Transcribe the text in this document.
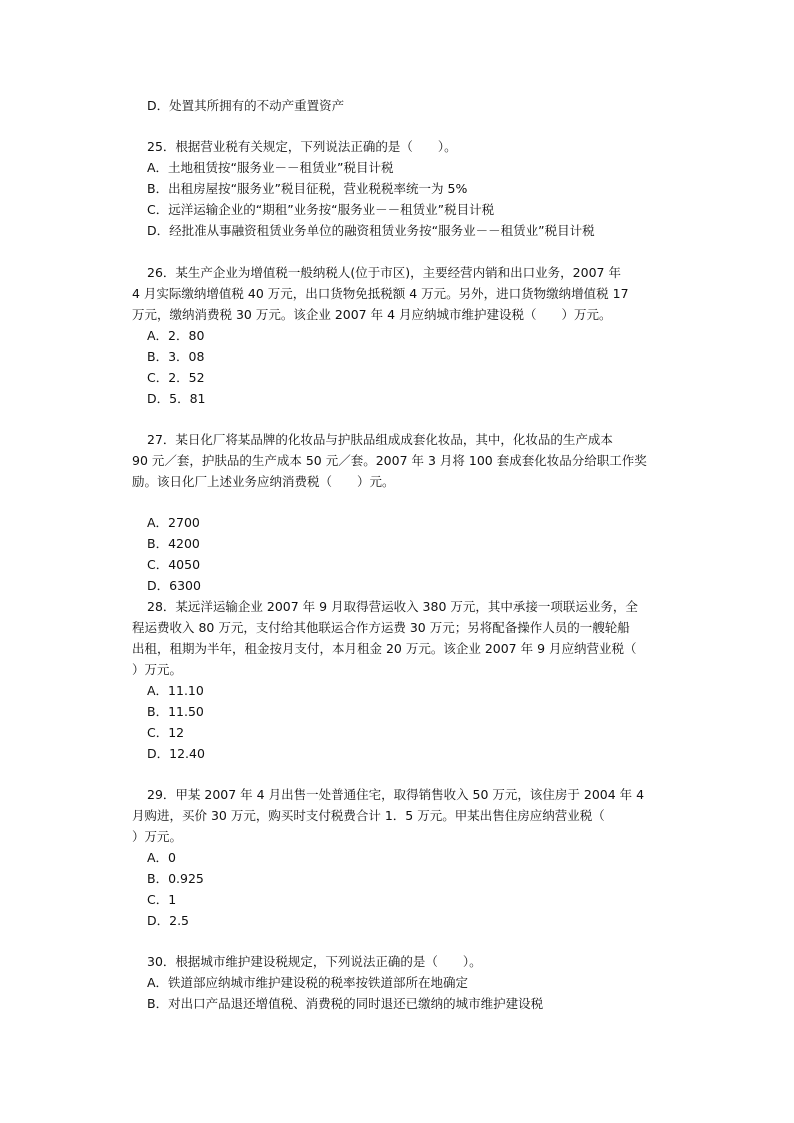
D．处置其所拥有的不动产重置资产
25．根据营业税有关规定，下列说法正确的是（　　）。
A．土地租赁按“服务业－－租赁业”税目计税
B．出租房屋按“服务业”税目征税，营业税税率统一为 5%
C．远洋运输企业的“期租”业务按“服务业－－租赁业”税目计税
D．经批准从事融资租赁业务单位的融资租赁业务按“服务业－－租赁业”税目计税
26．某生产企业为增值税一般纳税人(位于市区)，主要经营内销和出口业务，2007 年
4 月实际缴纳增值税 40 万元，出口货物免抵税额 4 万元。另外，进口货物缴纳增值税 17
万元，缴纳消费税 30 万元。该企业 2007 年 4 月应纳城市维护建设税（　　）万元。
A．2．80
B．3．08
C．2．52
D．5．81
27．某日化厂将某品牌的化妆品与护肤品组成成套化妆品，其中，化妆品的生产成本
90 元／套，护肤品的生产成本 50 元／套。2007 年 3 月将 100 套成套化妆品分给职工作奖
励。该日化厂上述业务应纳消费税（　　）元。
A．2700
B．4200
C．4050
D．6300
28．某远洋运输企业 2007 年 9 月取得营运收入 380 万元，其中承接一项联运业务，全
程运费收入 80 万元，支付给其他联运合作方运费 30 万元；另将配备操作人员的一艘轮船
出租，租期为半年，租金按月支付，本月租金 20 万元。该企业 2007 年 9 月应纳营业税（
）万元。
A．11.10
B．11.50
C．12
D．12.40
29．甲某 2007 年 4 月出售一处普通住宅，取得销售收入 50 万元，该住房于 2004 年 4
月购进，买价 30 万元，购买时支付税费合计 1．5 万元。甲某出售住房应纳营业税（
）万元。
A．0
B．0.925
C．1
D．2.5
30．根据城市维护建设税规定，下列说法正确的是（　　）。
A．铁道部应纳城市维护建设税的税率按铁道部所在地确定
B．对出口产品退还增值税、消费税的同时退还已缴纳的城市维护建设税
